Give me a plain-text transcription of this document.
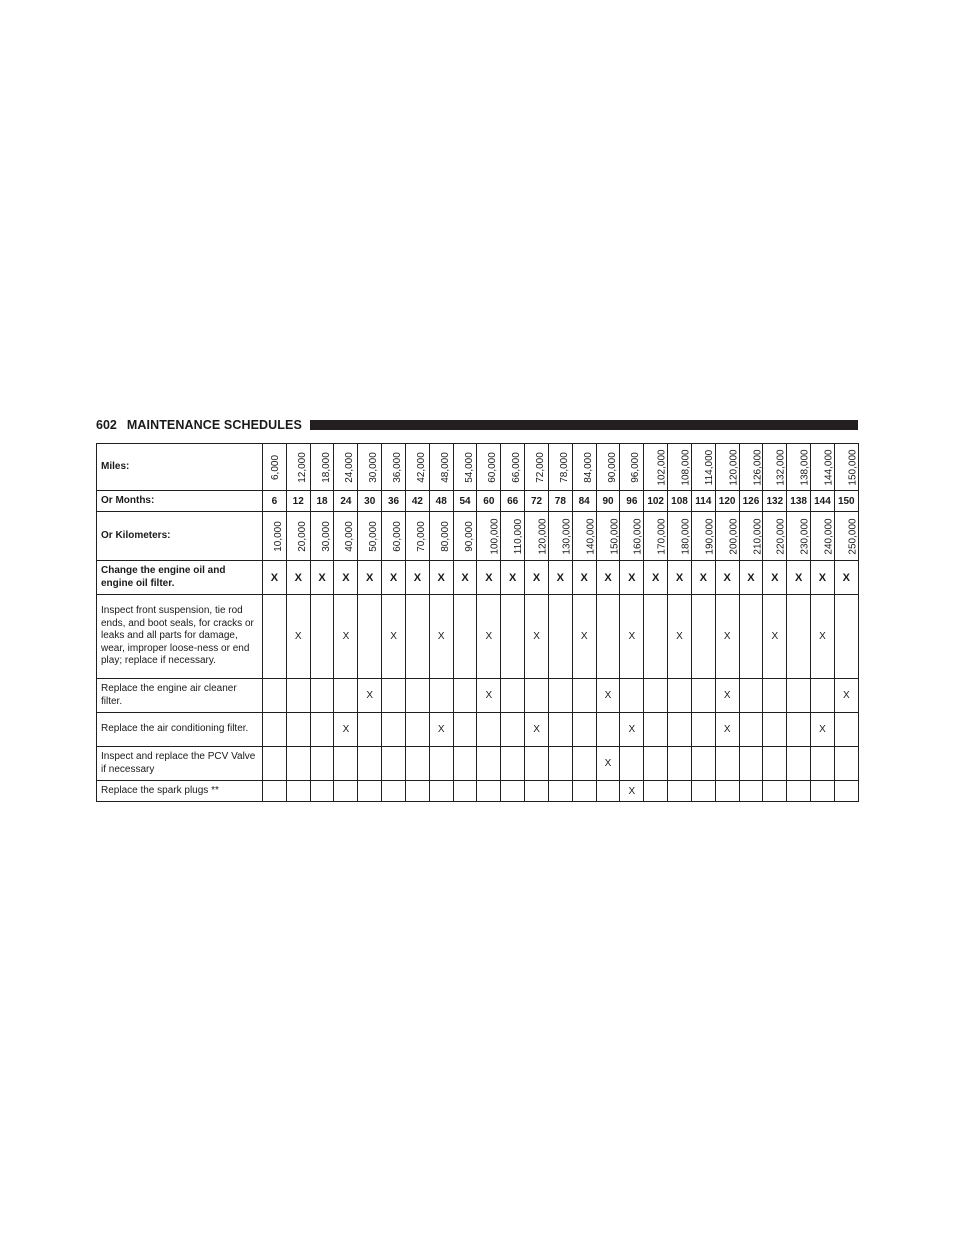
602 MAINTENANCE SCHEDULES
Miles:	6,000	12,000	18,000	24,000	30,000	36,000	42,000	48,000	54,000	60,000	66,000	72,000	78,000	84,000	90,000	96,000	102,000	108,000	114,000	120,000	126,000	132,000	138,000	144,000	150,000
Or Months:	6	12	18	24	30	36	42	48	54	60	66	72	78	84	90	96	102	108	114	120	126	132	138	144	150
Or Kilometers:	10,000	20,000	30,000	40,000	50,000	60,000	70,000	80,000	90,000	100,000	110,000	120,000	130,000	140,000	150,000	160,000	170,000	180,000	190,000	200,000	210,000	220,000	230,000	240,000	250,000
Change the engine oil and engine oil filter.	X	X	X	X	X	X	X	X	X	X	X	X	X	X	X	X	X	X	X	X	X	X	X	X	X
Inspect front suspension, tie rod ends, and boot seals, for cracks or leaks and all parts for damage, wear, improper loose-ness or end play; replace if necessary.		X		X		X		X		X		X		X		X		X		X		X		X	
Replace the engine air cleaner filter.					X					X					X					X					X
Replace the air conditioning filter.				X				X				X				X				X				X	
Inspect and replace the PCV Valve if necessary															X										
Replace the spark plugs **																X									
